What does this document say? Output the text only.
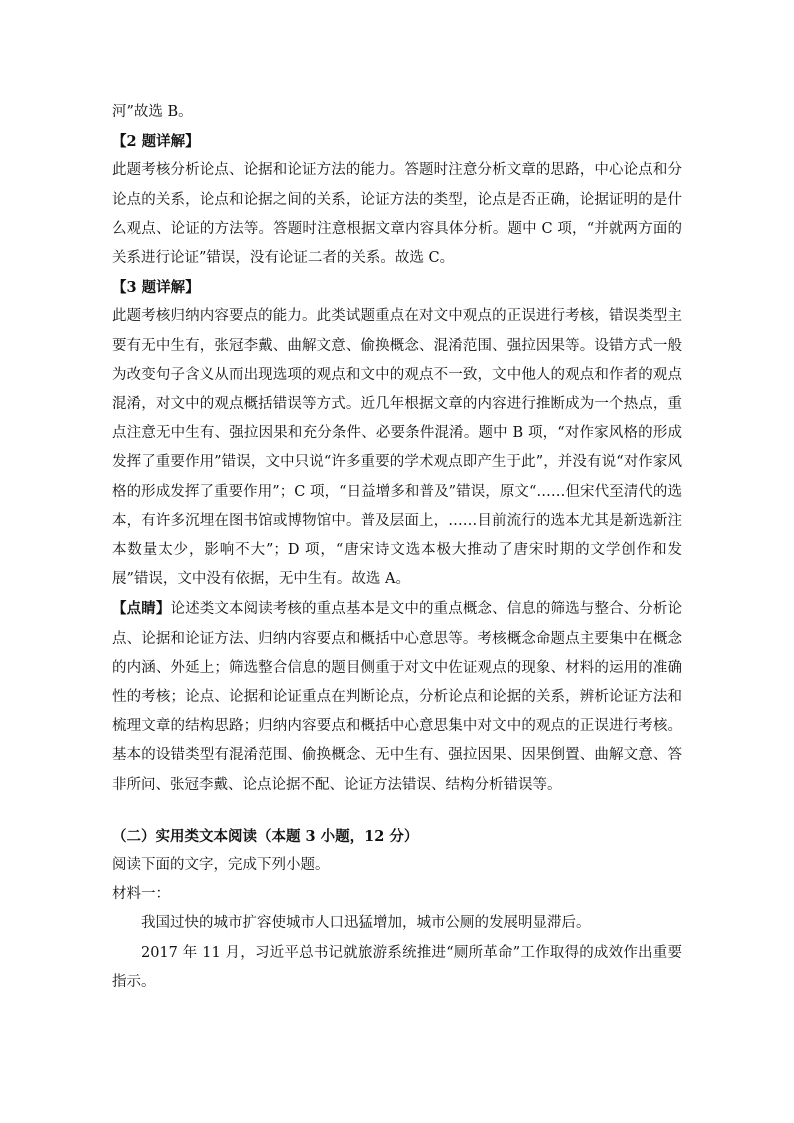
河”故选 B。

【2 题详解】

此题考核分析论点、论据和论证方法的能力。答题时注意分析文章的思路，中心论点和分论点的关系，论点和论据之间的关系，论证方法的类型，论点是否正确，论据证明的是什么观点、论证的方法等。答题时注意根据文章内容具体分析。题中 C 项，“并就两方面的关系进行论证”错误，没有论证二者的关系。故选 C。

【3 题详解】

此题考核归纳内容要点的能力。此类试题重点在对文中观点的正误进行考核，错误类型主要有无中生有，张冠李戴、曲解文意、偷换概念、混淆范围、强拉因果等。设错方式一般为改变句子含义从而出现选项的观点和文中的观点不一致，文中他人的观点和作者的观点混淆，对文中的观点概括错误等方式。近几年根据文章的内容进行推断成为一个热点，重点注意无中生有、强拉因果和充分条件、必要条件混淆。题中 B 项，“对作家风格的形成发挥了重要作用”错误，文中只说“许多重要的学术观点即产生于此”，并没有说“对作家风格的形成发挥了重要作用”；C 项，“日益增多和普及”错误，原文“……但宋代至清代的选本，有许多沉埋在图书馆或博物馆中。普及层面上，……目前流行的选本尤其是新选新注本数量太少，影响不大”；D 项，“唐宋诗文选本极大推动了唐宋时期的文学创作和发展”错误，文中没有依据，无中生有。故选 A。

【点睛】论述类文本阅读考核的重点基本是文中的重点概念、信息的筛选与整合、分析论点、论据和论证方法、归纳内容要点和概括中心意思等。考核概念命题点主要集中在概念的内涵、外延上；筛选整合信息的题目侧重于对文中佐证观点的现象、材料的运用的准确性的考核；论点、论据和论证重点在判断论点，分析论点和论据的关系，辨析论证方法和梳理文章的结构思路；归纳内容要点和概括中心意思集中对文中的观点的正误进行考核。基本的设错类型有混淆范围、偷换概念、无中生有、强拉因果、因果倒置、曲解文意、答非所问、张冠李戴、论点论据不配、论证方法错误、结构分析错误等。

（二）实用类文本阅读（本题 3 小题，12 分）

阅读下面的文字，完成下列小题。

材料一：

我国过快的城市扩容使城市人口迅猛增加，城市公厕的发展明显滞后。

2017 年 11 月，习近平总书记就旅游系统推进“厕所革命”工作取得的成效作出重要指示。
